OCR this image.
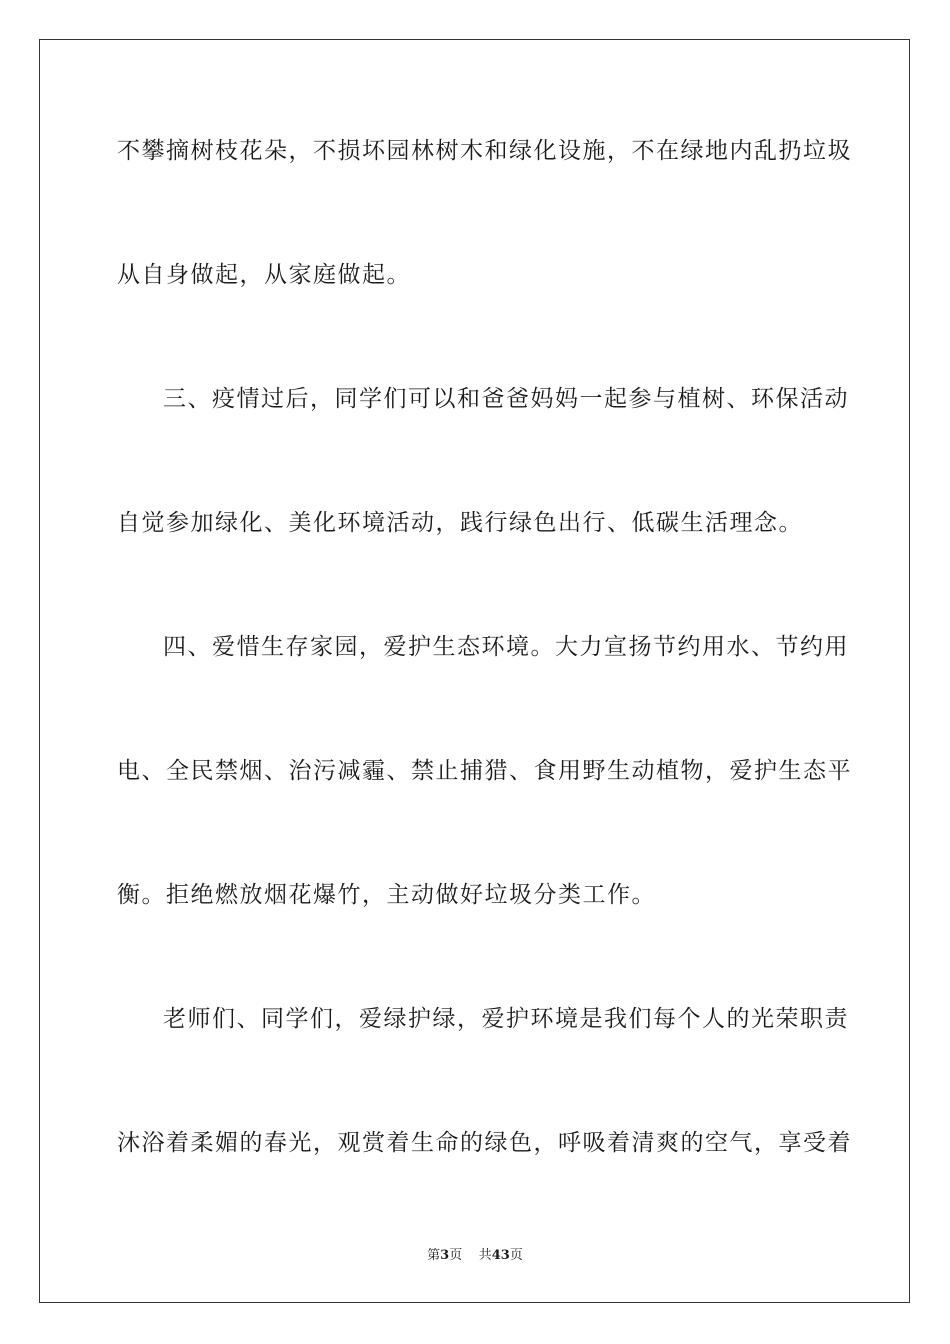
不攀摘树枝花朵，不损坏园林树木和绿化设施，不在绿地内乱扔垃圾
从自身做起，从家庭做起。
三、疫情过后，同学们可以和爸爸妈妈一起参与植树、环保活动
自觉参加绿化、美化环境活动，践行绿色出行、低碳生活理念。
四、爱惜生存家园，爱护生态环境。大力宣扬节约用水、节约用
电、全民禁烟、治污减霾、禁止捕猎、食用野生动植物，爱护生态平
衡。拒绝燃放烟花爆竹，主动做好垃圾分类工作。
老师们、同学们，爱绿护绿，爱护环境是我们每个人的光荣职责
沐浴着柔媚的春光，观赏着生命的绿色，呼吸着清爽的空气，享受着
第3页 共43页
